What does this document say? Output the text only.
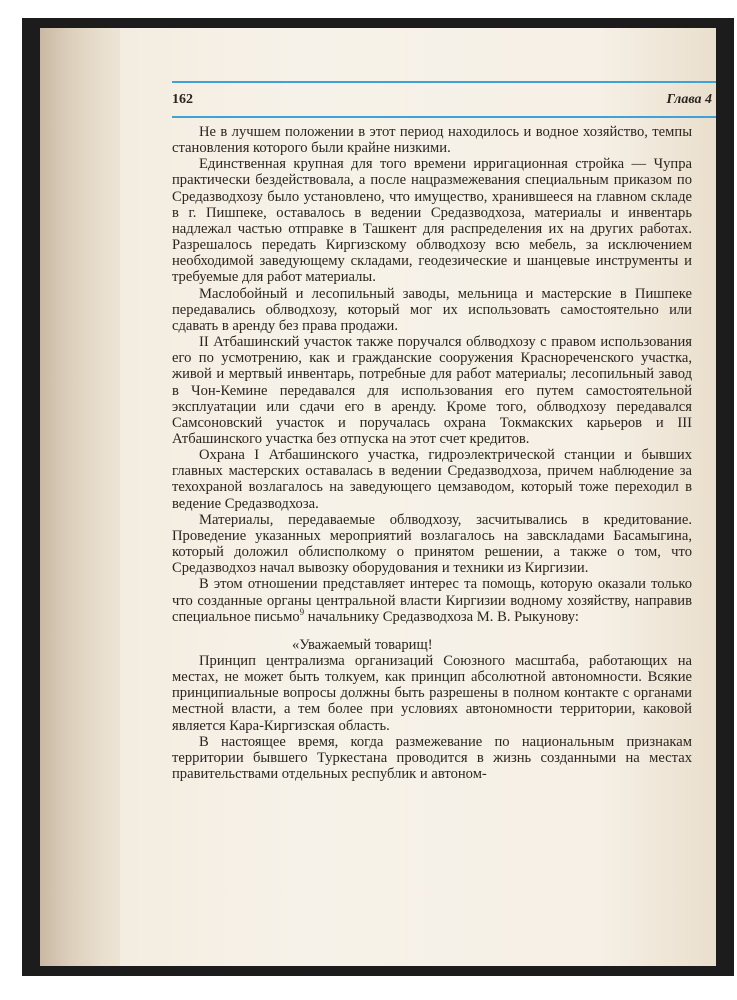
162	Глава 4

Не в лучшем положении в этот период находилось и водное хозяйство, темпы становления которого были крайне низкими.

Единственная крупная для того времени ирригационная стройка — Чупра практически бездействовала, а после нацразмежевания специальным приказом по Средазводхозу было установлено, что имущество, хранившееся на главном складе в г. Пишпеке, оставалось в ведении Средазводхоза, материалы и инвентарь надлежал частью отправке в Ташкент для распределения их на других работах. Разрешалось передать Киргизскому облводхозу всю мебель, за исключением необходимой заведующему складами, геодезические и шанцевые инструменты и требуемые для работ материалы.

Маслобойный и лесопильный заводы, мельница и мастерские в Пишпеке передавались облводхозу, который мог их использовать самостоятельно или сдавать в аренду без права продажи.

II Атбашинский участок также поручался облводхозу с правом использования его по усмотрению, как и гражданские сооружения Краснореченского участка, живой и мертвый инвентарь, потребные для работ материалы; лесопильный завод в Чон-Кемине передавался для использования его путем самостоятельной эксплуатации или сдачи его в аренду. Кроме того, облводхозу передавался Самсоновский участок и поручалась охрана Токмакских карьеров и III Атбашинского участка без отпуска на этот счет кредитов.

Охрана I Атбашинского участка, гидроэлектрической станции и бывших главных мастерских оставалась в ведении Средазводхоза, причем наблюдение за техохраной возлагалось на заведующего цемзаводом, который тоже переходил в ведение Средазводхоза.

Материалы, передаваемые облводхозу, засчитывались в кредитование. Проведение указанных мероприятий возлагалось на завскладами Басамыгина, который доложил облисполкому о принятом решении, а также о том, что Средазводхоз начал вывозку оборудования и техники из Киргизии.

В этом отношении представляет интерес та помощь, которую оказали только что созданные органы центральной власти Киргизии водному хозяйству, направив специальное письмо$^9$ начальнику Средазводхоза М. В. Рыкунову:

«Уважаемый товарищ!

Принцип централизма организаций Союзного масштаба, работающих на местах, не может быть толкуем, как принцип абсолютной автономности. Всякие принципиальные вопросы должны быть разрешены в полном контакте с органами местной власти, а тем более при условиях автономности территории, каковой является Кара-Киргизская область.

В настоящее время, когда размежевание по национальным признакам территории бывшего Туркестана проводится в жизнь созданными на местах правительствами отдельных республик и автоном-
